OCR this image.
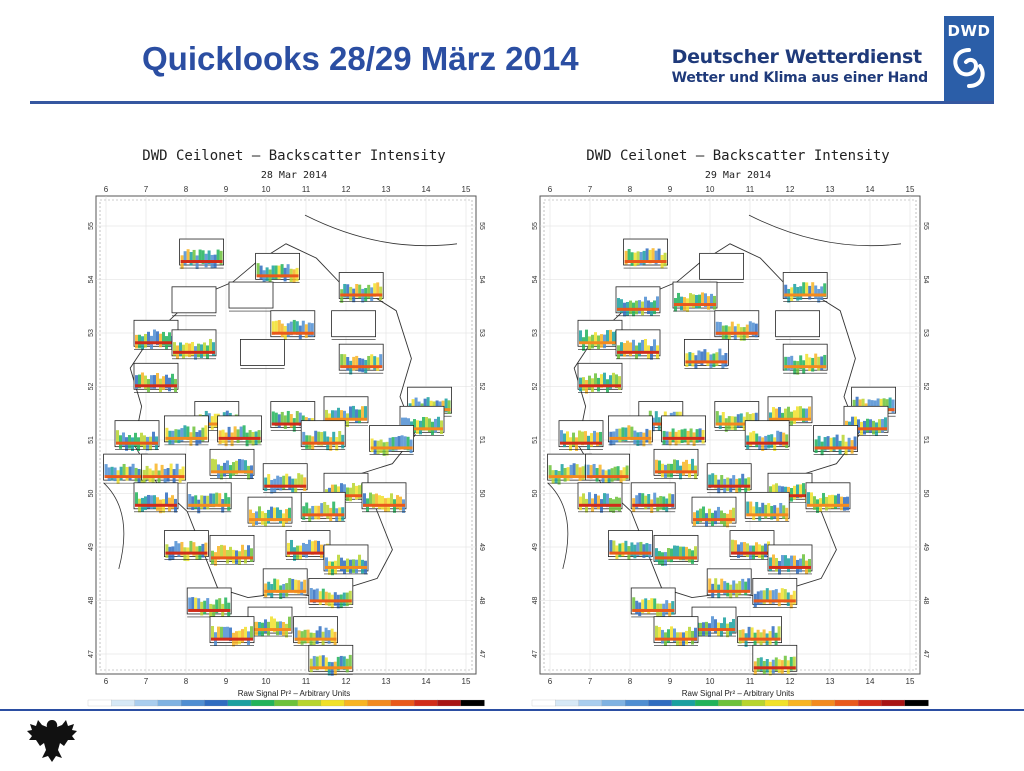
Quicklooks 28/29 März 2014	Deutscher Wetterdienst
Wetter und Klima aus einer Hand
DWD
DWD Ceilonet – Backscatter Intensity
28 Mar 2014
6
6
7
7
8
8
9
9
10
10
11
11
12
12
13
13
14
14
15
15
55	55
54	54
53	53
52	52
51	51
50	50
49	49
48	48
47	47
Raw Signal Pr² – Arbitrary Units
DWD Ceilonet – Backscatter Intensity
29 Mar 2014
6
6
7
7
8
8
9
9
10
10
11
11
12
12
13
13
14
14
15
15
55	55
54	54
53	53
52	52
51	51
50	50
49	49
48	48
47	47
Raw Signal Pr² – Arbitrary Units
